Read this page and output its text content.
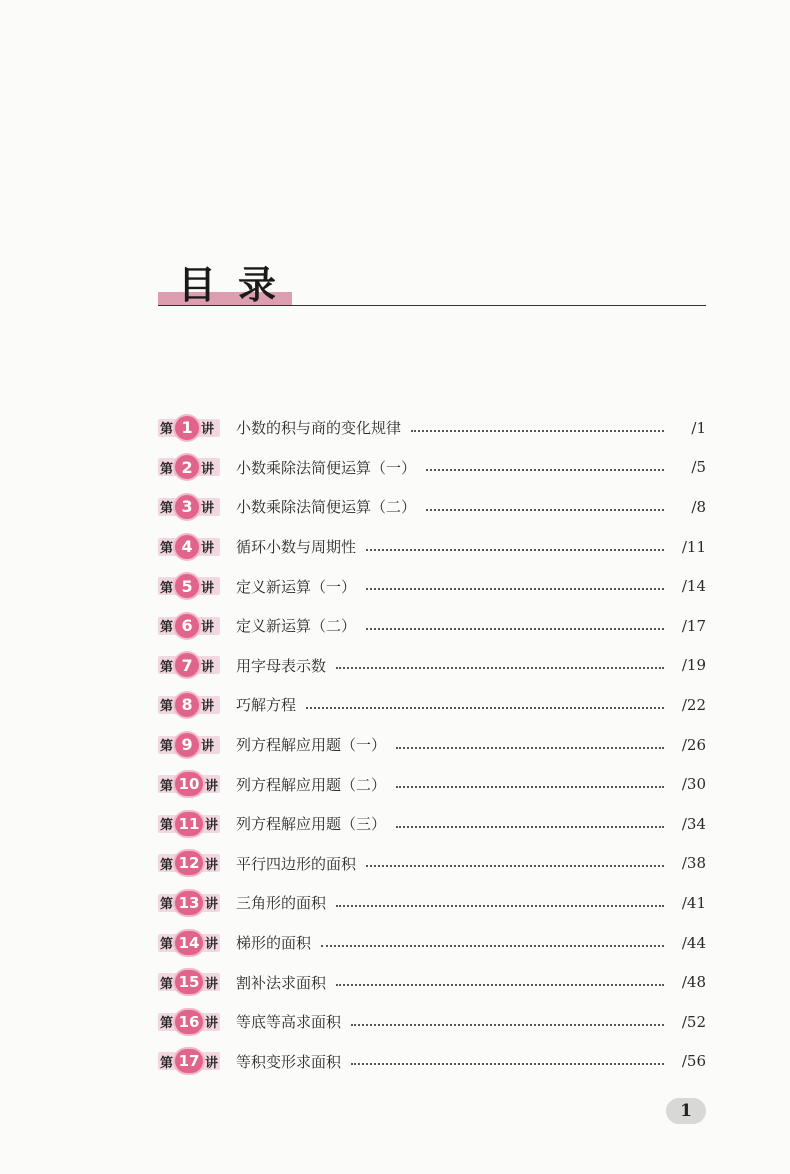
目录
第 1 讲 小数的积与商的变化规律	/1
第 2 讲 小数乘除法简便运算（一）	/5
第 3 讲 小数乘除法简便运算（二）	/8
第 4 讲 循环小数与周期性	/11
第 5 讲 定义新运算（一）	/14
第 6 讲 定义新运算（二）	/17
第 7 讲 用字母表示数	/19
第 8 讲 巧解方程	/22
第 9 讲 列方程解应用题（一）	/26
第 10 讲 列方程解应用题（二）	/30
第 11 讲 列方程解应用题（三）	/34
第 12 讲 平行四边形的面积	/38
第 13 讲 三角形的面积	/41
第 14 讲 梯形的面积	/44
第 15 讲 割补法求面积	/48
第 16 讲 等底等高求面积	/52
第 17 讲 等积变形求面积	/56
1
